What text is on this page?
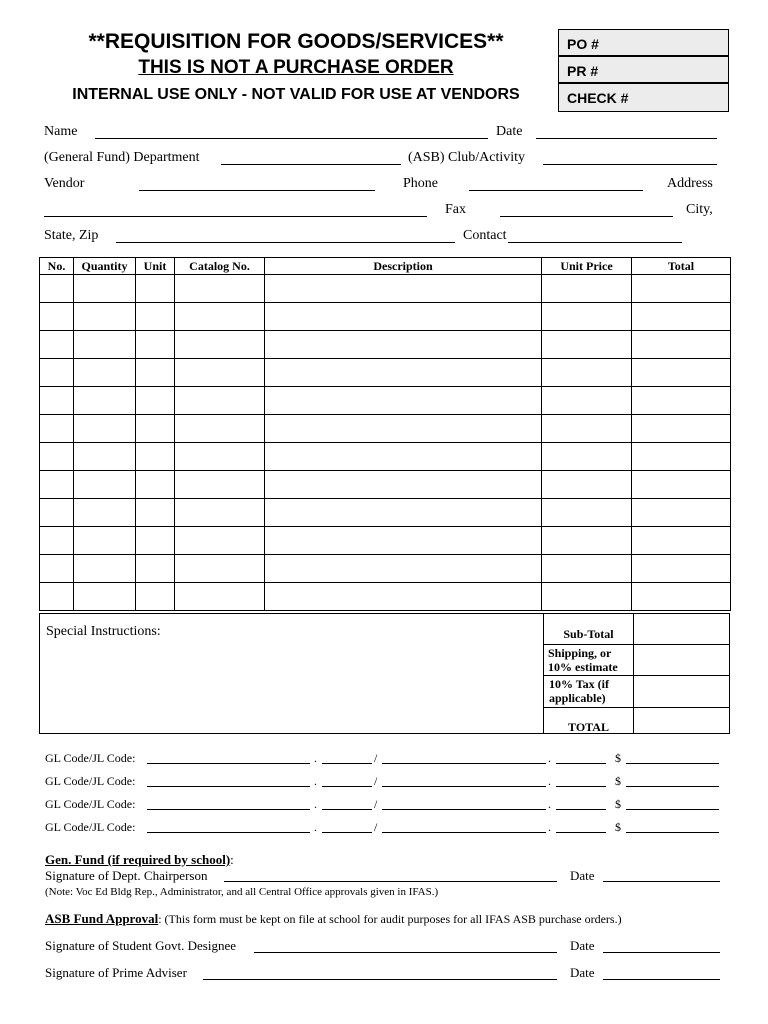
**REQUISITION FOR GOODS/SERVICES**
THIS IS NOT A PURCHASE ORDER
INTERNAL USE ONLY - NOT VALID FOR USE AT VENDORS
PO #
PR #
CHECK #
Name	Date
(General Fund) Department	(ASB) Club/Activity
Vendor	Phone	Address
Fax	City,
State, Zip	Contact
No.	Quantity	Unit	Catalog No.	Description	Unit Price	Total

Special Instructions:	Sub-Total
Shipping, or
10% estimate
10% Tax (if
applicable)
TOTAL
GL Code/JL Code:	.	/	.	$
GL Code/JL Code:	.	/	.	$
GL Code/JL Code:	.	/	.	$
GL Code/JL Code:	.	/	.	$
Gen. Fund (if required by school):
Signature of Dept. Chairperson	Date
(Note: Voc Ed Bldg Rep., Administrator, and all Central Office approvals given in IFAS.)
ASB Fund Approval: (This form must be kept on file at school for audit purposes for all IFAS ASB purchase orders.)
Signature of Student Govt. Designee	Date
Signature of Prime Adviser	Date
